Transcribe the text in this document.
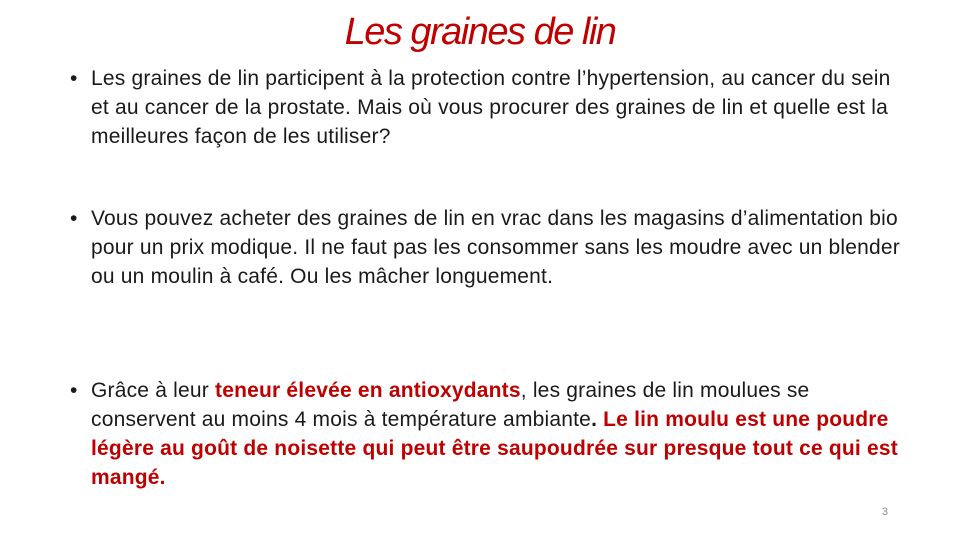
Les graines de lin
• Les graines de lin participent à la protection contre l’hypertension, au cancer du sein et au cancer de la prostate. Mais où vous procurer des graines de lin et quelle est la meilleures façon de les utiliser?
• Vous pouvez acheter des graines de lin en vrac dans les magasins d’alimentation bio pour un prix modique. Il ne faut pas les consommer sans les moudre avec un blender ou un moulin à café. Ou les mâcher longuement.
• Grâce à leur teneur élevée en antioxydants, les graines de lin moulues se conservent au moins 4 mois à température ambiante. Le lin moulu est une poudre légère au goût de noisette qui peut être saupoudrée sur presque tout ce qui est mangé.
3
